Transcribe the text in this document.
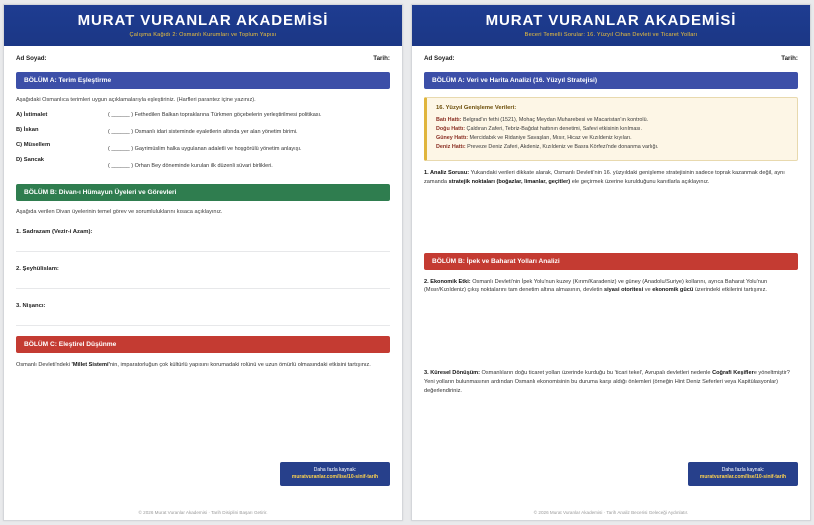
MURAT VURANLAR AKADEMİSİ
Çalışma Kağıdı 2: Osmanlı Kurumları ve Toplum Yapısı
Ad Soyad:	Tarih:
BÖLÜM A: Terim Eşleştirme
Aşağıdaki Osmanlıca terimleri uygun açıklamalarıyla eşleştiriniz. (Harfleri parantez içine yazınız).
A) İstimalet
B) İskan
C) Müsellem
D) Sancak
( ______ ) Fethedilen Balkan topraklarına Türkmen göçebelerin yerleştirilmesi politikası.
( ______ ) Osmanlı idari sisteminde eyaletlerin altında yer alan yönetim birimi.
( ______ ) Gayrimüslim halka uygulanan adaletli ve hoşgörülü yönetim anlayışı.
( ______ ) Orhan Bey döneminde kurulan ilk düzenli süvari birlikleri.
BÖLÜM B: Divan-ı Hümayun Üyeleri ve Görevleri
Aşağıda verilen Divan üyelerinin temel görev ve sorumluluklarını kısaca açıklayınız.
1. Sadrazam (Vezir-i Azam):
2. Şeyhülislam:
3. Nişancı:
BÖLÜM C: Eleştirel Düşünme
Osmanlı Devleti'ndeki 'Millet Sistemi'nin, imparatorluğun çok kültürlü yapısını korumadaki rolünü ve uzun ömürlü olmasındaki etkisini tartışınız.
Daha fazla kaynak: muratvuranlar.com/lise/10-sinif-tarih
© 2026 Murat Vuranlar Akademisi · Tarih Disiplini Başarı Getirir.
MURAT VURANLAR AKADEMİSİ
Beceri Temelli Sorular: 16. Yüzyıl Cihan Devleti ve Ticaret Yolları
Ad Soyad:	Tarih:
BÖLÜM A: Veri ve Harita Analizi (16. Yüzyıl Stratejisi)
16. Yüzyıl Genişleme Verileri:
Batı Hattı: Belgrad'ın fethi (1521), Mohaç Meydan Muharebesi ve Macaristan'ın kontrolü.
Doğu Hattı: Çaldıran Zaferi, Tebriz-Bağdat hattının denetimi, Safevi etkisinin kırılması.
Güney Hattı: Mercidabık ve Ridaniye Savaşları, Mısır, Hicaz ve Kızıldeniz kıyıları.
Deniz Hattı: Preveze Deniz Zaferi, Akdeniz, Kızıldeniz ve Basra Körfezi'nde donanma varlığı.
1. Analiz Sorusu: Yukarıdaki verileri dikkate alarak, Osmanlı Devleti'nin 16. yüzyıldaki genişleme stratejisinin sadece toprak kazanmak değil, aynı zamanda stratejik noktaları (boğazlar, limanlar, geçitler) ele geçirmek üzerine kurulduğunu kanıtlarla açıklayınız.
BÖLÜM B: İpek ve Baharat Yolları Analizi
2. Ekonomik Etki: Osmanlı Devleti'nin İpek Yolu'nun kuzey (Kırım/Karadeniz) ve güney (Anadolu/Suriye) kollarını, ayrıca Baharat Yolu'nun (Mısır/Kızıldeniz) çıkış noktalarını tam denetim altına almasının, devletin siyasi otoritesi ve ekonomik gücü üzerindeki etkilerini tartışınız.
3. Küresel Dönüşüm: Osmanlıların doğu ticaret yolları üzerinde kurduğu bu 'ticari tekel', Avrupalı devletleri nedenle Coğrafi Keşiflere yöneltmiştir? Yeni yolların bulunmasının ardından Osmanlı ekonomisinin bu duruma karşı aldığı önlemleri (örneğin Hint Deniz Seferleri veya Kapitülasyonlar) değerlendiriniz.
Daha fazla kaynak: muratvuranlar.com/lise/10-sinif-tarih
© 2026 Murat Vuranlar Akademisi · Tarih Analiz Becerisi Geleceği Aydınlatır.
